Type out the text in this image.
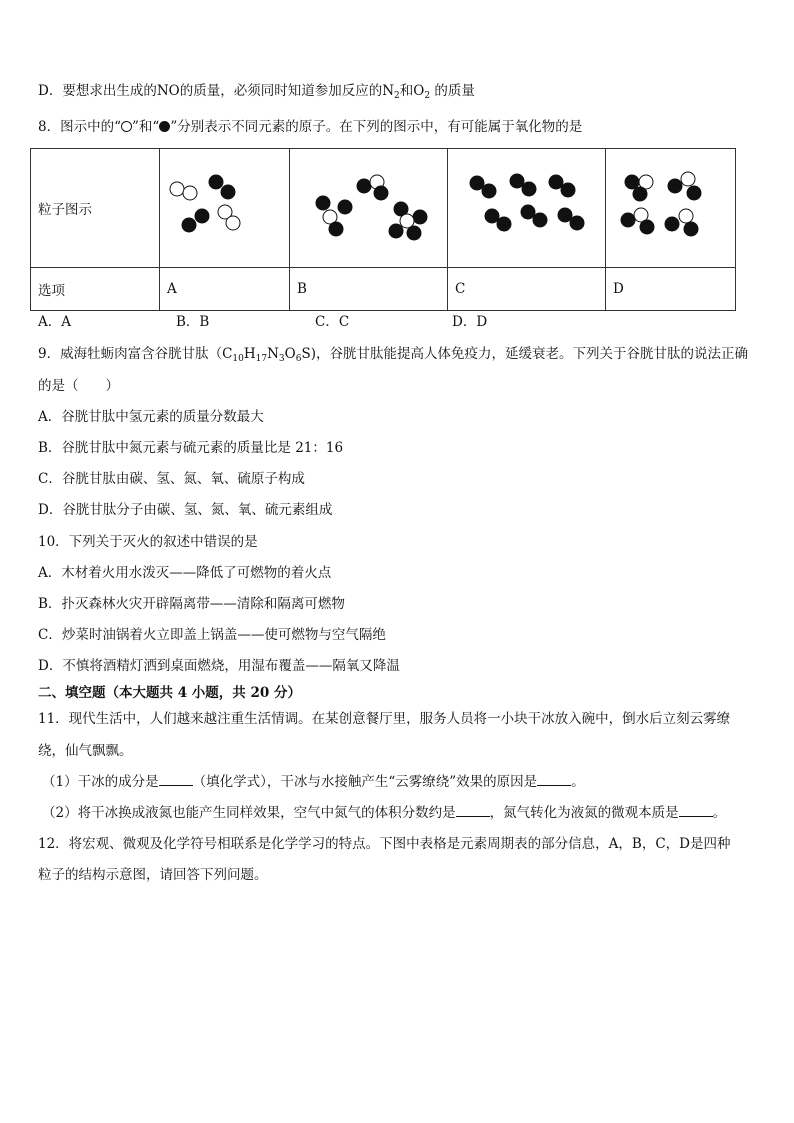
D．要想求出生成的NO的质量，必须同时知道参加反应的$N_2$和$O_2$ 的质量
8．图示中的“ ”和“ ”分别表示不同元素的原子。在下列的图示中，有可能属于氧化物的是
粒子图示				
选项	A	B	C	D
A．A	B．B	C．C	D．D
9．威海牡蛎肉富含谷胱甘肽$(C_{10}H_{17}N_3O_6S)$，谷胱甘肽能提高人体免疫力，延缓衰老。下列关于谷胱甘肽的说法正确
的是（　　）
A．谷胱甘肽中氢元素的质量分数最大
B．谷胱甘肽中氮元素与硫元素的质量比是 21：16
C．谷胱甘肽由碳、氢、氮、氧、硫原子构成
D．谷胱甘肽分子由碳、氢、氮、氧、硫元素组成
10．下列关于灭火的叙述中错误的是
A．木材着火用水泼灭——降低了可燃物的着火点
B．扑灭森林火灾开辟隔离带——清除和隔离可燃物
C．炒菜时油锅着火立即盖上锅盖——使可燃物与空气隔绝
D．不慎将酒精灯洒到桌面燃烧，用湿布覆盖——隔氧又降温
二、填空题（本大题共 4 小题，共 20 分）
11．现代生活中，人们越来越注重生活情调。在某创意餐厅里，服务人员将一小块干冰放入碗中，倒水后立刻云雾缭
绕，仙气飘飘。
（1）干冰的成分是	（填化学式），干冰与水接触产生“云雾缭绕”效果的原因是	。
（2）将干冰换成液氮也能产生同样效果，空气中氮气的体积分数约是	，氮气转化为液氮的微观本质是	。
12．将宏观、微观及化学符号相联系是化学学习的特点。下图中表格是元素周期表的部分信息，A，B，C，D是四种
粒子的结构示意图，请回答下列问题。
